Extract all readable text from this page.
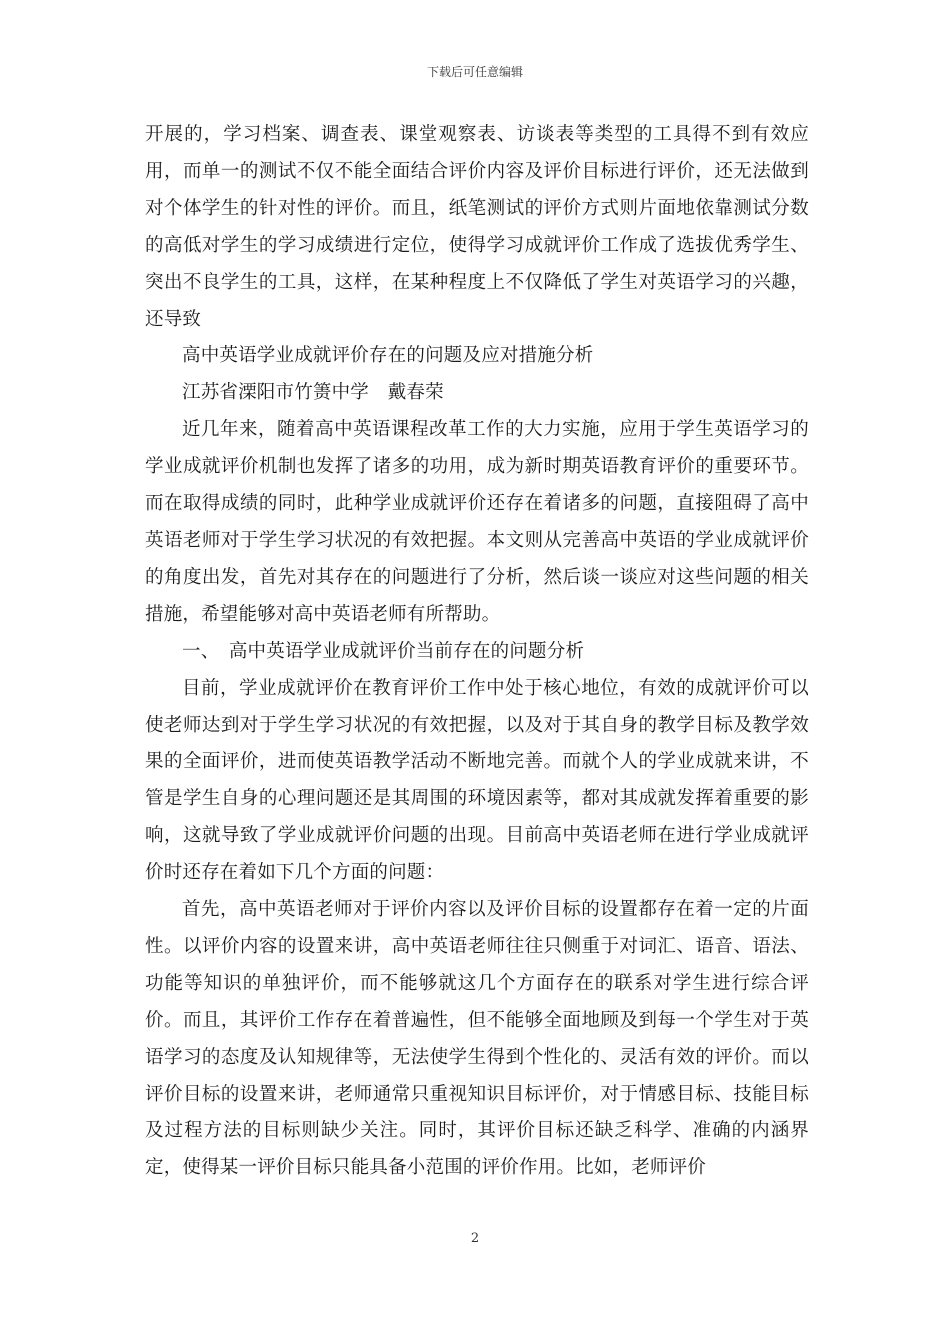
下载后可任意编辑

开展的，学习档案、调查表、课堂观察表、访谈表等类型的工具得不到有效应用，而单一的测试不仅不能全面结合评价内容及评价目标进行评价，还无法做到对个体学生的针对性的评价。而且，纸笔测试的评价方式则片面地依靠测试分数的高低对学生的学习成绩进行定位，使得学习成就评价工作成了选拔优秀学生、突出不良学生的工具，这样，在某种程度上不仅降低了学生对英语学习的兴趣，还导致

高中英语学业成就评价存在的问题及应对措施分析

江苏省溧阳市竹箦中学　戴春荣

近几年来，随着高中英语课程改革工作的大力实施，应用于学生英语学习的学业成就评价机制也发挥了诸多的功用，成为新时期英语教育评价的重要环节。而在取得成绩的同时，此种学业成就评价还存在着诸多的问题，直接阻碍了高中英语老师对于学生学习状况的有效把握。本文则从完善高中英语的学业成就评价的角度出发，首先对其存在的问题进行了分析，然后谈一谈应对这些问题的相关措施，希望能够对高中英语老师有所帮助。

一、　高中英语学业成就评价当前存在的问题分析

目前，学业成就评价在教育评价工作中处于核心地位，有效的成就评价可以使老师达到对于学生学习状况的有效把握，以及对于其自身的教学目标及教学效果的全面评价，进而使英语教学活动不断地完善。而就个人的学业成就来讲，不管是学生自身的心理问题还是其周围的环境因素等，都对其成就发挥着重要的影响，这就导致了学业成就评价问题的出现。目前高中英语老师在进行学业成就评价时还存在着如下几个方面的问题：

首先，高中英语老师对于评价内容以及评价目标的设置都存在着一定的片面性。以评价内容的设置来讲，高中英语老师往往只侧重于对词汇、语音、语法、功能等知识的单独评价，而不能够就这几个方面存在的联系对学生进行综合评价。而且，其评价工作存在着普遍性，但不能够全面地顾及到每一个学生对于英语学习的态度及认知规律等，无法使学生得到个性化的、灵活有效的评价。而以评价目标的设置来讲，老师通常只重视知识目标评价，对于情感目标、技能目标及过程方法的目标则缺少关注。同时，其评价目标还缺乏科学、准确的内涵界定，使得某一评价目标只能具备小范围的评价作用。比如，老师评价

2
